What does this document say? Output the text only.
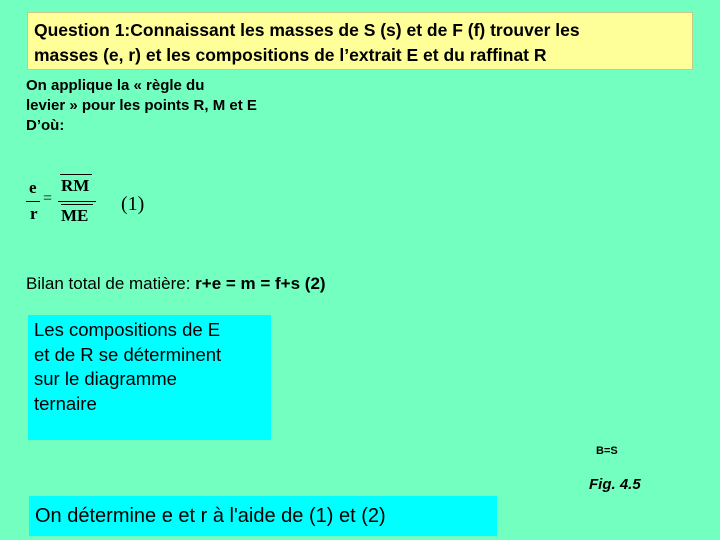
Question 1:Connaissant les masses de S (s) et de F (f) trouver les
masses (e, r) et les compositions de l’extrait E et du raffinat R
On applique la « règle du
levier » pour les points R, M et E
D’où:
e
r
=
RM
ME
(1)
Bilan total de matière: r+e = m = f+s (2)
Les compositions de E
et de R se déterminent
sur le diagramme
ternaire
B=S
Fig. 4.5
On détermine e et r à l'aide de (1) et (2)
